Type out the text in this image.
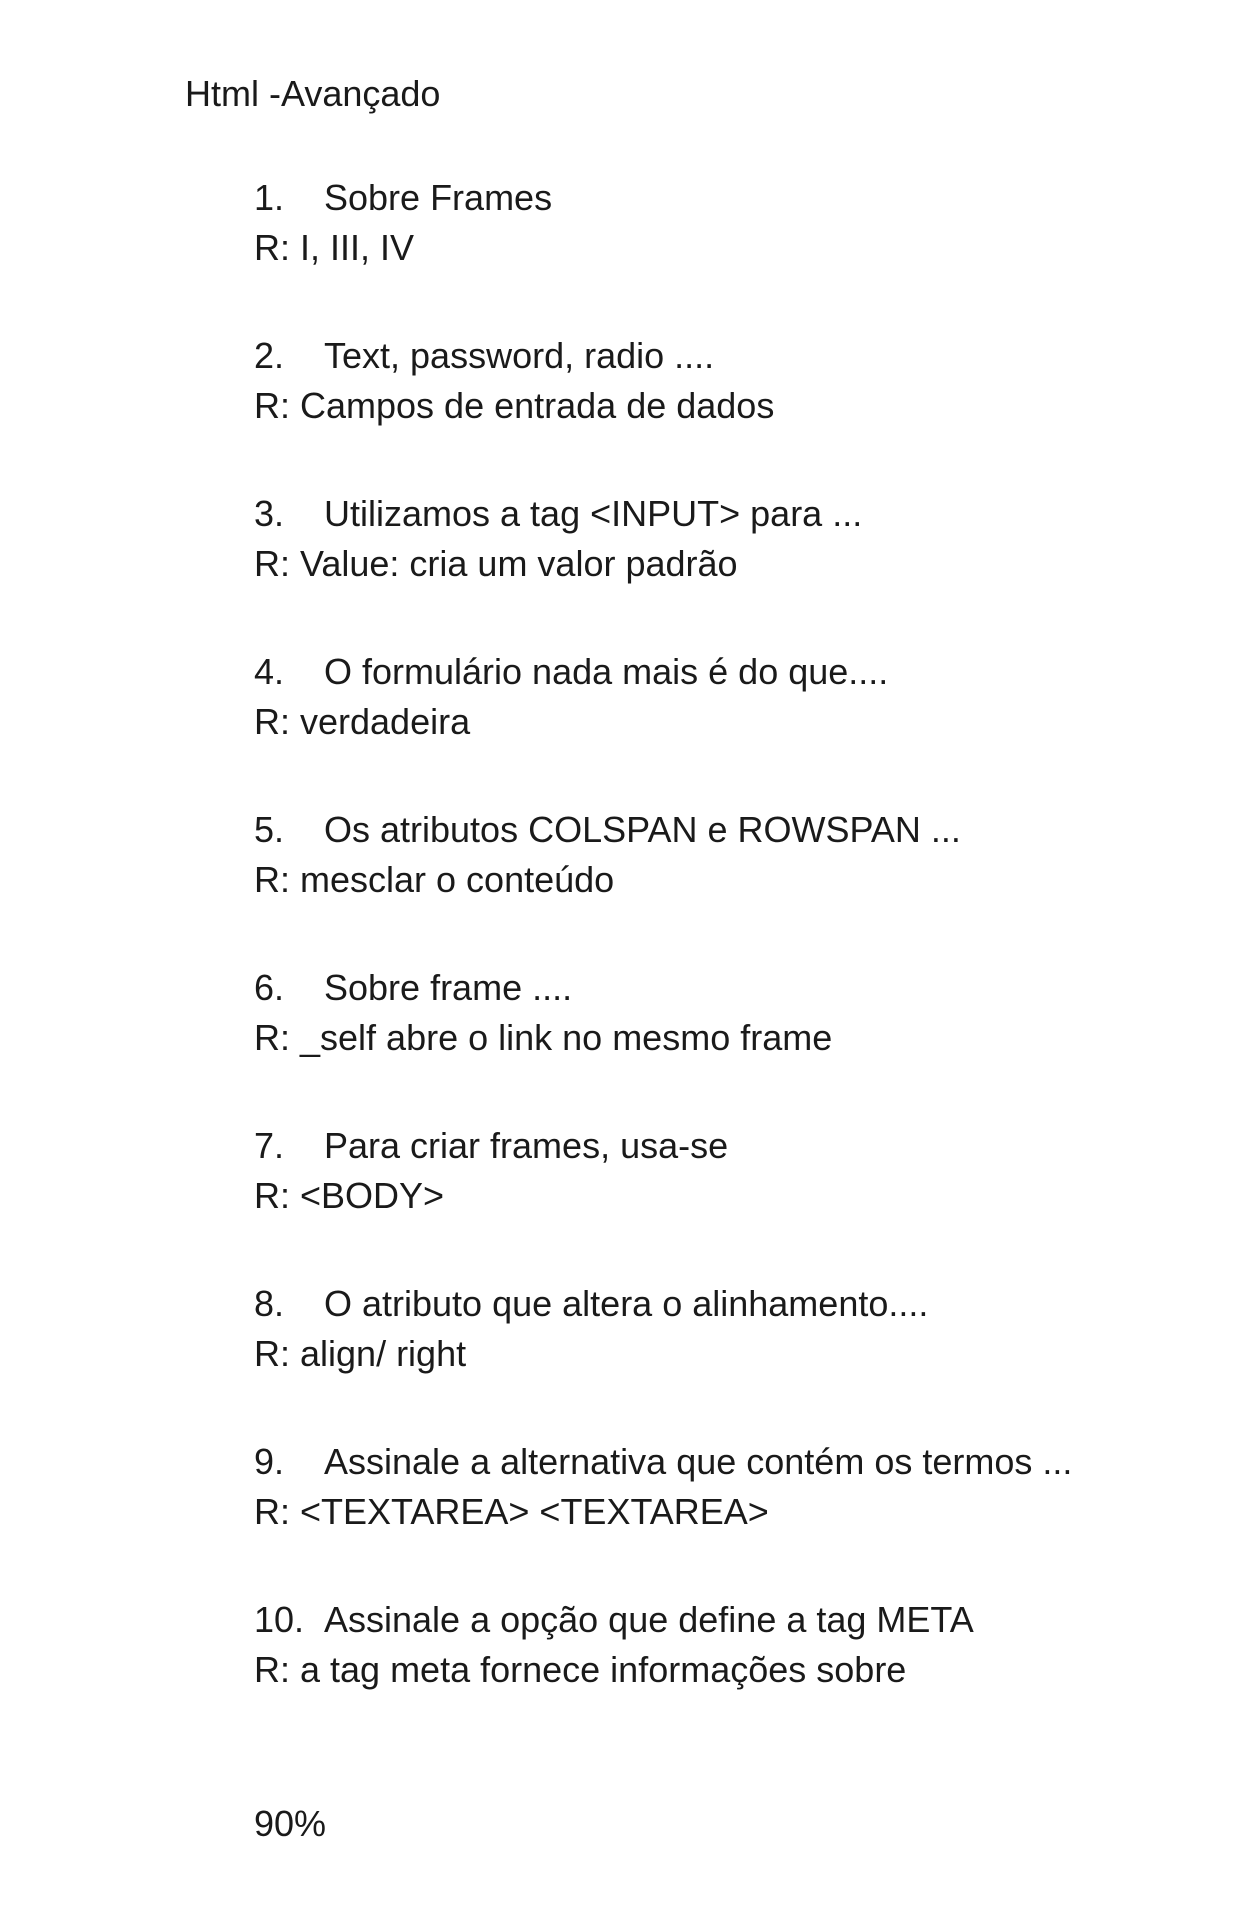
Html -Avançado
1.	Sobre Frames
R: I, III, IV
2.	Text, password, radio ....
R: Campos de entrada de dados
3.	Utilizamos a tag <INPUT> para ...
R: Value: cria um valor padrão
4.	O formulário nada mais é do que....
R: verdadeira
5.	Os atributos COLSPAN e ROWSPAN ...
R: mesclar o conteúdo
6.	Sobre frame ....
R: _self abre o link no mesmo frame
7.	Para criar frames, usa-se
R: <BODY>
8.	O atributo que altera o alinhamento....
R: align/ right
9.	Assinale a alternativa que contém os termos ...
R: <TEXTAREA> <TEXTAREA>
10. Assinale a opção que define a tag META
R: a tag meta fornece informações sobre
90%
